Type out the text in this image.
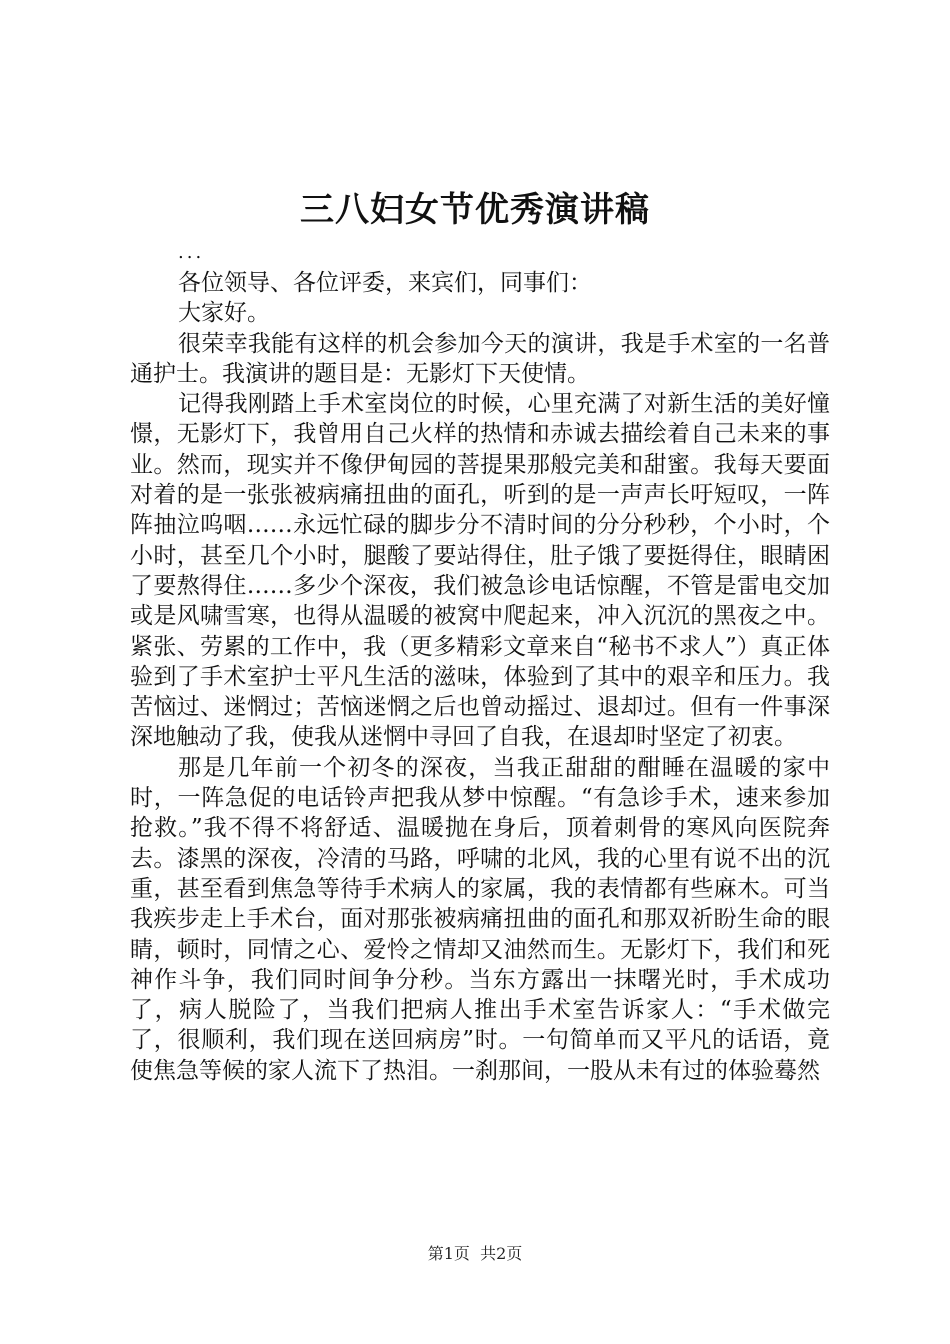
三八妇女节优秀演讲稿
...

各位领导、各位评委，来宾们，同事们：

大家好。

很荣幸我能有这样的机会参加今天的演讲，我是手术室的一名普通护士。我演讲的题目是：无影灯下天使情。

记得我刚踏上手术室岗位的时候，心里充满了对新生活的美好憧憬，无影灯下，我曾用自己火样的热情和赤诚去描绘着自己未来的事业。然而，现实并不像伊甸园的菩提果那般完美和甜蜜。我每天要面对着的是一张张被病痛扭曲的面孔，听到的是一声声长吁短叹，一阵阵抽泣呜咽……永远忙碌的脚步分不清时间的分分秒秒，个小时，个小时，甚至几个小时，腿酸了要站得住，肚子饿了要挺得住，眼睛困了要熬得住……多少个深夜，我们被急诊电话惊醒，不管是雷电交加或是风啸雪寒，也得从温暖的被窝中爬起来，冲入沉沉的黑夜之中。紧张、劳累的工作中，我（更多精彩文章来自“秘书不求人”）真正体验到了手术室护士平凡生活的滋味，体验到了其中的艰辛和压力。我苦恼过、迷惘过；苦恼迷惘之后也曾动摇过、退却过。但有一件事深深地触动了我，使我从迷惘中寻回了自我，在退却时坚定了初衷。

那是几年前一个初冬的深夜，当我正甜甜的酣睡在温暖的家中时，一阵急促的电话铃声把我从梦中惊醒。“有急诊手术，速来参加抢救。”我不得不将舒适、温暖抛在身后，顶着刺骨的寒风向医院奔去。漆黑的深夜，冷清的马路，呼啸的北风，我的心里有说不出的沉重，甚至看到焦急等待手术病人的家属，我的表情都有些麻木。可当我疾步走上手术台，面对那张被病痛扭曲的面孔和那双祈盼生命的眼睛，顿时，同情之心、爱怜之情却又油然而生。无影灯下，我们和死神作斗争，我们同时间争分秒。当东方露出一抹曙光时，手术成功了，病人脱险了，当我们把病人推出手术室告诉家人：“手术做完了，很顺利，我们现在送回病房”时。一句简单而又平凡的话语，竟使焦急等候的家人流下了热泪。一刹那间，一股从未有过的体验蓦然

第1页  共2页
